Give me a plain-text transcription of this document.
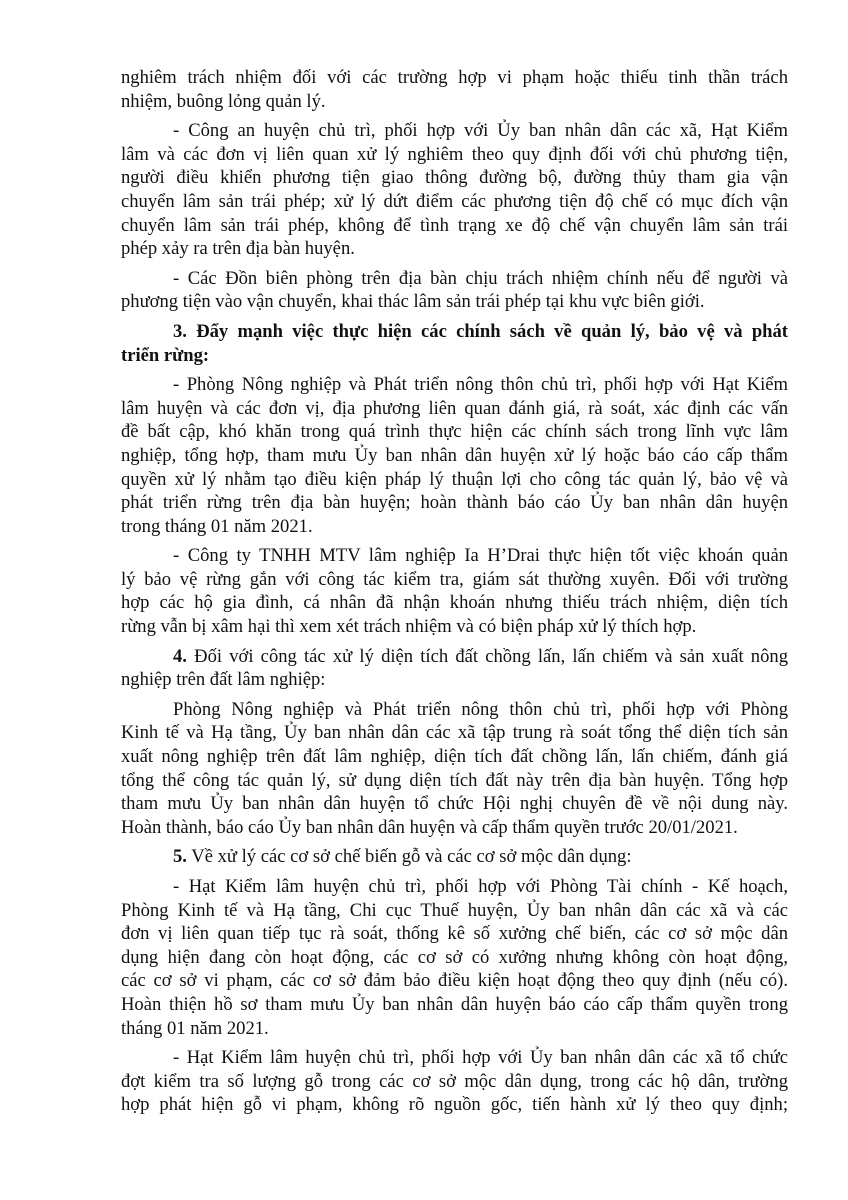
nghiêm trách nhiệm đối với các trường hợp vi phạm hoặc thiếu tinh thần trách
nhiệm, buông lỏng quản lý.

- Công an huyện chủ trì, phối hợp với Ủy ban nhân dân các xã, Hạt Kiểm
lâm và các đơn vị liên quan xử lý nghiêm theo quy định đối với chủ phương tiện,
người điều khiển phương tiện giao thông đường bộ, đường thủy tham gia vận
chuyển lâm sản trái phép; xử lý dứt điểm các phương tiện độ chế có mục đích vận
chuyển lâm sản trái phép, không để tình trạng xe độ chế vận chuyển lâm sản trái
phép xảy ra trên địa bàn huyện.

- Các Đồn biên phòng trên địa bàn chịu trách nhiệm chính nếu để người và
phương tiện vào vận chuyển, khai thác lâm sản trái phép tại khu vực biên giới.

3. Đẩy mạnh việc thực hiện các chính sách về quản lý, bảo vệ và phát
triển rừng:

- Phòng Nông nghiệp và Phát triển nông thôn chủ trì, phối hợp với Hạt Kiểm
lâm huyện và các đơn vị, địa phương liên quan đánh giá, rà soát, xác định các vấn
đề bất cập, khó khăn trong quá trình thực hiện các chính sách trong lĩnh vực lâm
nghiệp, tổng hợp, tham mưu Ủy ban nhân dân huyện xử lý hoặc báo cáo cấp thẩm
quyền xử lý nhằm tạo điều kiện pháp lý thuận lợi cho công tác quản lý, bảo vệ và
phát triển rừng trên địa bàn huyện; hoàn thành báo cáo Ủy ban nhân dân huyện
trong tháng 01 năm 2021.

- Công ty TNHH MTV lâm nghiệp Ia H’Drai thực hiện tốt việc khoán quản
lý bảo vệ rừng gắn với công tác kiểm tra, giám sát thường xuyên. Đối với trường
hợp các hộ gia đình, cá nhân đã nhận khoán nhưng thiếu trách nhiệm, diện tích
rừng vẫn bị xâm hại thì xem xét trách nhiệm và có biện pháp xử lý thích hợp.

4. Đối với công tác xử lý diện tích đất chồng lấn, lấn chiếm và sản xuất nông
nghiệp trên đất lâm nghiệp:

Phòng Nông nghiệp và Phát triển nông thôn chủ trì, phối hợp với Phòng
Kinh tế và Hạ tầng, Ủy ban nhân dân các xã tập trung rà soát tổng thể diện tích sản
xuất nông nghiệp trên đất lâm nghiệp, diện tích đất chồng lấn, lấn chiếm, đánh giá
tổng thể công tác quản lý, sử dụng diện tích đất này trên địa bàn huyện. Tổng hợp
tham mưu Ủy ban nhân dân huyện tổ chức Hội nghị chuyên đề về nội dung này.
Hoàn thành, báo cáo Ủy ban nhân dân huyện và cấp thẩm quyền trước 20/01/2021.

5. Về xử lý các cơ sở chế biến gỗ và các cơ sở mộc dân dụng:

- Hạt Kiểm lâm huyện chủ trì, phối hợp với Phòng Tài chính - Kế hoạch,
Phòng Kinh tế và Hạ tầng, Chi cục Thuế huyện, Ủy ban nhân dân các xã và các
đơn vị liên quan tiếp tục rà soát, thống kê số xưởng chế biến, các cơ sở mộc dân
dụng hiện đang còn hoạt động, các cơ sở có xưởng nhưng không còn hoạt động,
các cơ sở vi phạm, các cơ sở đảm bảo điều kiện hoạt động theo quy định (nếu có).
Hoàn thiện hồ sơ tham mưu Ủy ban nhân dân huyện báo cáo cấp thẩm quyền trong
tháng 01 năm 2021.

- Hạt Kiểm lâm huyện chủ trì, phối hợp với Ủy ban nhân dân các xã tổ chức
đợt kiểm tra số lượng gỗ trong các cơ sở mộc dân dụng, trong các hộ dân, trường
hợp phát hiện gỗ vi phạm, không rõ nguồn gốc, tiến hành xử lý theo quy định;
